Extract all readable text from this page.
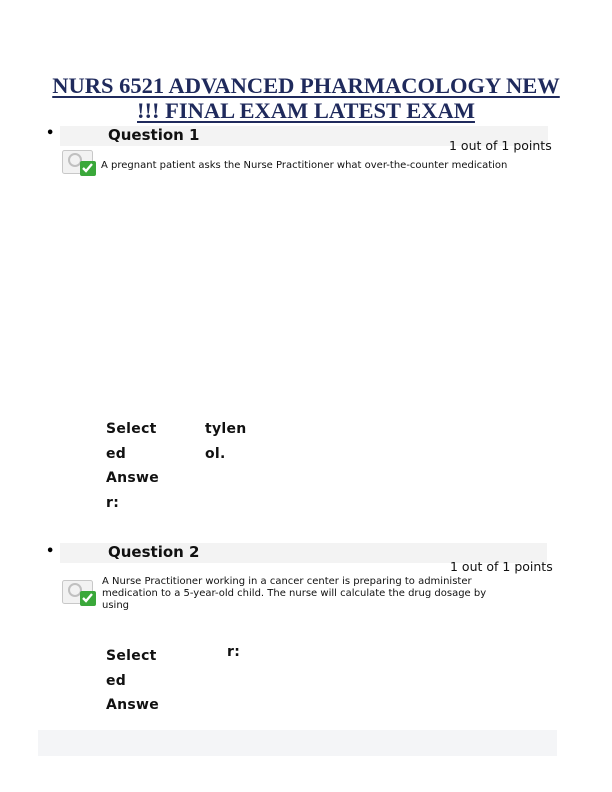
NURS 6521 ADVANCED PHARMACOLOGY NEW
!!! FINAL EXAM LATEST EXAM
•	Question 1
1 out of 1 points
A pregnant patient asks the Nurse Practitioner what over-the-counter medication
Select
ed
Answe
r:
tylen
ol.
•	Question 2
1 out of 1 points
A Nurse Practitioner working in a cancer center is preparing to administer
medication to a 5-year-old child. The nurse will calculate the drug dosage by
using
Select
ed
Answe
r:
